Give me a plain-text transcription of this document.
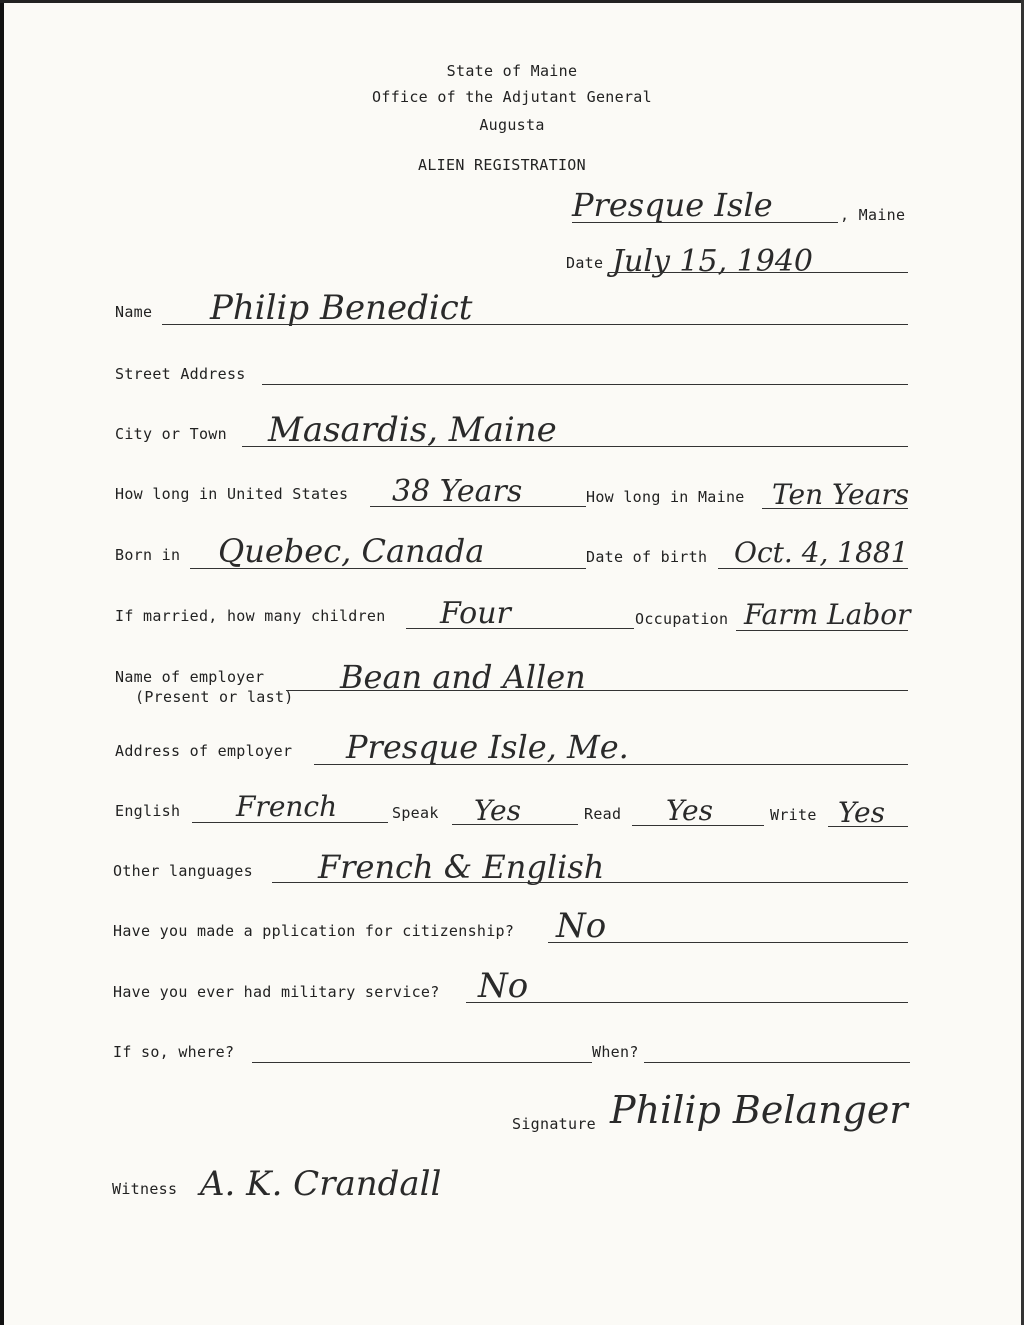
State of Maine
Office of the Adjutant General
Augusta
ALIEN REGISTRATION
Presque Isle	, Maine
Date July 15, 1940
Name Philip Benedict
Street Address
City or Town Masardis, Maine
How long in United States 38 Years	How long in Maine Ten Years
Born in Quebec, Canada	Date of birth Oct. 4, 1881
If married, how many children Four	Occupation Farm Labor
Name of employer
(Present or last)
Bean and Allen
Address of employer Presque Isle, Me.
English French	Speak Yes	Read Yes	Write Yes
Other languages French & English
Have you made a pplication for citizenship? No
Have you ever had military service? No
If so, where?	When?
Signature Philip Belanger
Witness A. K. Crandall
